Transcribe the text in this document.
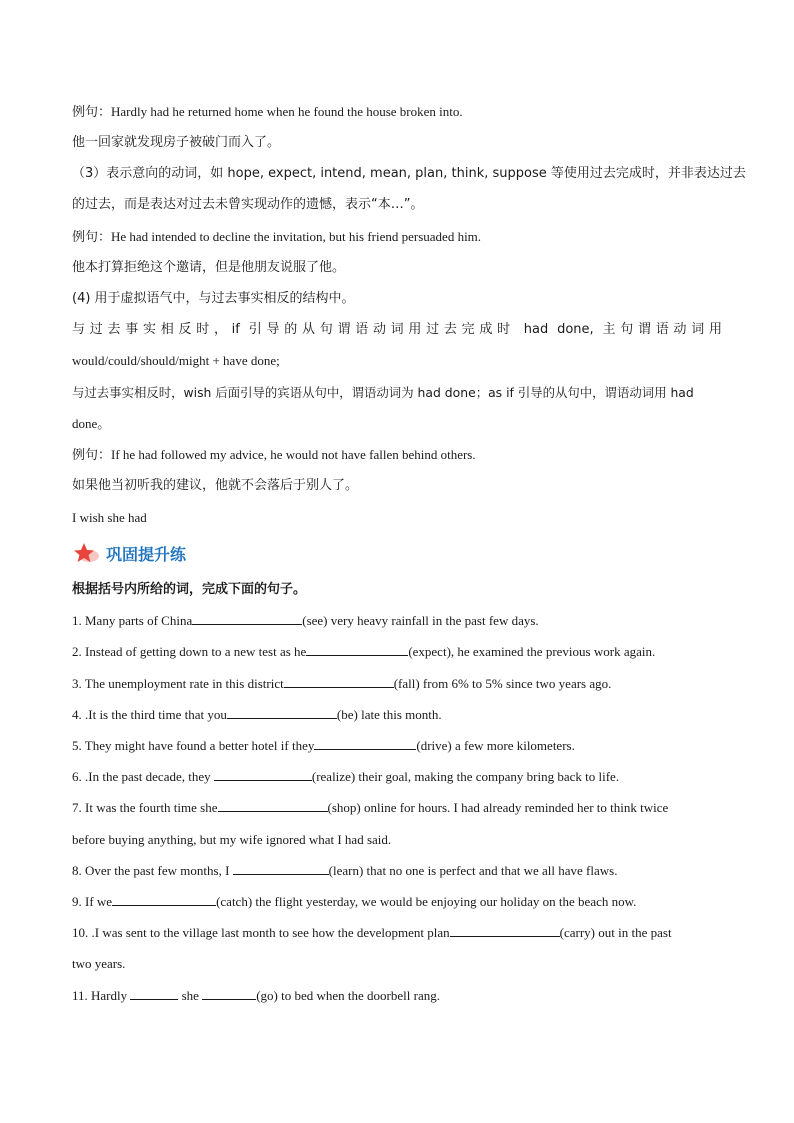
例句：Hardly had he returned home when he found the house broken into.
他一回家就发现房子被破门而入了。
（3）表示意向的动词，如 hope, expect, intend, mean, plan, think, suppose 等使用过去完成时，并非表达过去
的过去，而是表达对过去未曾实现动作的遗憾，表示“本…”。
例句：He had intended to decline the invitation, but his friend persuaded him.
他本打算拒绝这个邀请，但是他朋友说服了他。
(4) 用于虚拟语气中，与过去事实相反的结构中。
与过去事实相反时，if 引导的从句谓语动词用过去完成时 had done, 主句谓语动词用
would/could/should/might + have done;
与过去事实相反时，wish 后面引导的宾语从句中，谓语动词为 had done；as if 引导的从句中，谓语动词用 had
done。
例句：If he had followed my advice, he would not have fallen behind others.
如果他当初听我的建议，他就不会落后于别人了。
I wish she had
巩固提升练
根据括号内所给的词，完成下面的句子。
1. Many parts of China	(see) very heavy rainfall in the past few days.
2. Instead of getting down to a new test as he	(expect), he examined the previous work again.
3. The unemployment rate in this district	(fall) from 6% to 5% since two years ago.
4. .It is the third time that you	(be) late this month.
5. They might have found a better hotel if they	(drive) a few more kilometers.
6. .In the past decade, they	(realize) their goal, making the company bring back to life.
7. It was the fourth time she	(shop) online for hours. I had already reminded her to think twice
before buying anything, but my wife ignored what I had said.
8. Over the past few months, I	(learn) that no one is perfect and that we all have flaws.
9. If we	(catch) the flight yesterday, we would be enjoying our holiday on the beach now.
10. .I was sent to the village last month to see how the development plan	(carry) out in the past
two years.
11. Hardly	she	(go) to bed when the doorbell rang.
